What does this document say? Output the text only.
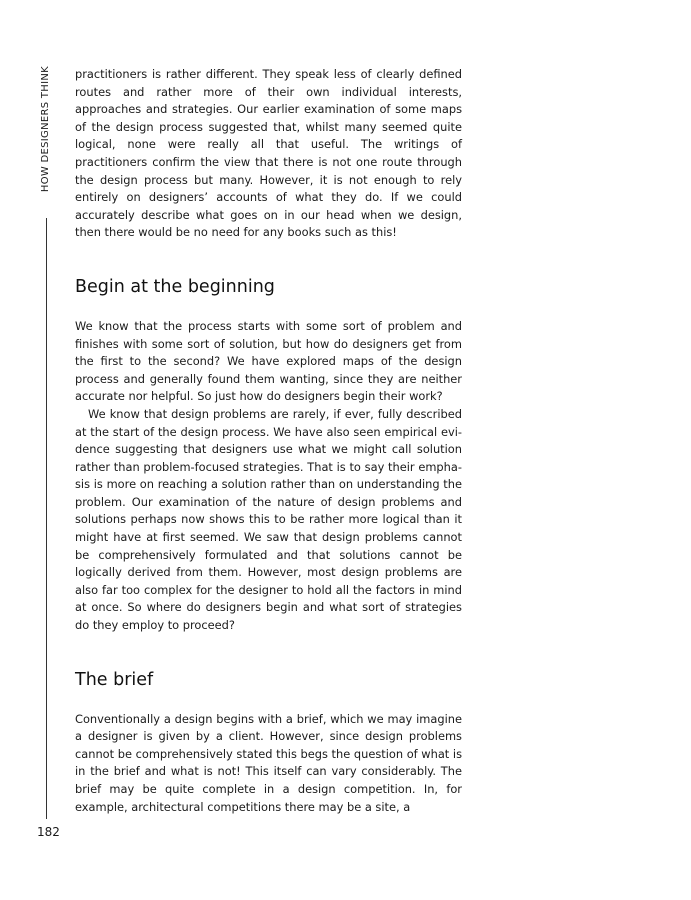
HOW DESIGNERS THINK
182

practitioners is rather different. They speak less of clearly defined routes and rather more of their own individual interests, approaches and strategies. Our earlier examination of some maps of the design process suggested that, whilst many seemed quite logical, none were really all that useful. The writings of practitioners confirm the view that there is not one route through the design process but many. However, it is not enough to rely entirely on designers’ accounts of what they do. If we could accurately describe what goes on in our head when we design, then there would be no need for any books such as this!

Begin at the beginning

We know that the process starts with some sort of problem and finishes with some sort of solution, but how do designers get from the first to the second? We have explored maps of the design process and generally found them wanting, since they are neither accurate nor helpful. So just how do designers begin their work?

We know that design problems are rarely, if ever, fully described at the start of the design process. We have also seen empirical evidence suggesting that designers use what we might call solution rather than problem-focused strategies. That is to say their emphasis is more on reaching a solution rather than on understanding the problem. Our examination of the nature of design problems and solutions perhaps now shows this to be rather more logical than it might have at first seemed. We saw that design problems cannot be comprehensively formulated and that solutions cannot be logically derived from them. However, most design problems are also far too complex for the designer to hold all the factors in mind at once. So where do designers begin and what sort of strategies do they employ to proceed?

The brief

Conventionally a design begins with a brief, which we may imagine a designer is given by a client. However, since design problems cannot be comprehensively stated this begs the question of what is in the brief and what is not! This itself can vary considerably. The brief may be quite complete in a design competition. In, for example, architectural competitions there may be a site, a
